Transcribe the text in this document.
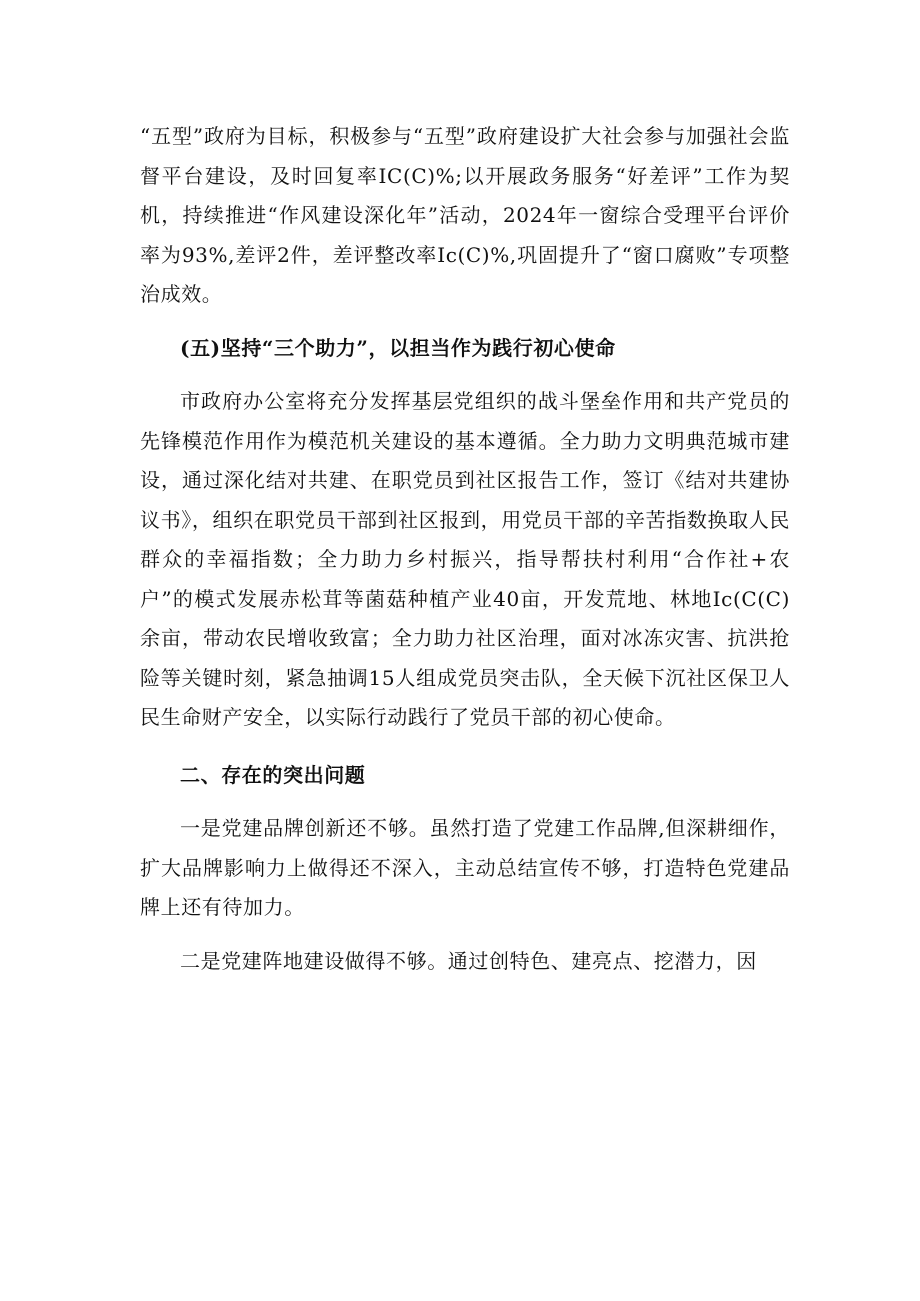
“五型”政府为目标，积极参与“五型”政府建设扩大社会参与加强社会监督平台建设，及时回复率IC(C)%;以开展政务服务“好差评”工作为契机，持续推进“作风建设深化年”活动，2024年一窗综合受理平台评价率为93%,差评2件，差评整改率Ic(C)%,巩固提升了“窗口腐败”专项整治成效。

(五)坚持“三个助力”，以担当作为践行初心使命

市政府办公室将充分发挥基层党组织的战斗堡垒作用和共产党员的先锋模范作用作为模范机关建设的基本遵循。全力助力文明典范城市建设，通过深化结对共建、在职党员到社区报告工作，签订《结对共建协议书》，组织在职党员干部到社区报到，用党员干部的辛苦指数换取人民群众的幸福指数；全力助力乡村振兴，指导帮扶村利用“合作社+农户”的模式发展赤松茸等菌菇种植产业40亩，开发荒地、林地Ic(C(C)余亩，带动农民增收致富；全力助力社区治理，面对冰冻灾害、抗洪抢险等关键时刻，紧急抽调15人组成党员突击队，全天候下沉社区保卫人民生命财产安全，以实际行动践行了党员干部的初心使命。

二、存在的突出问题

一是党建品牌创新还不够。虽然打造了党建工作品牌,但深耕细作，扩大品牌影响力上做得还不深入，主动总结宣传不够，打造特色党建品牌上还有待加力。

二是党建阵地建设做得不够。通过创特色、建亮点、挖潜力，因
